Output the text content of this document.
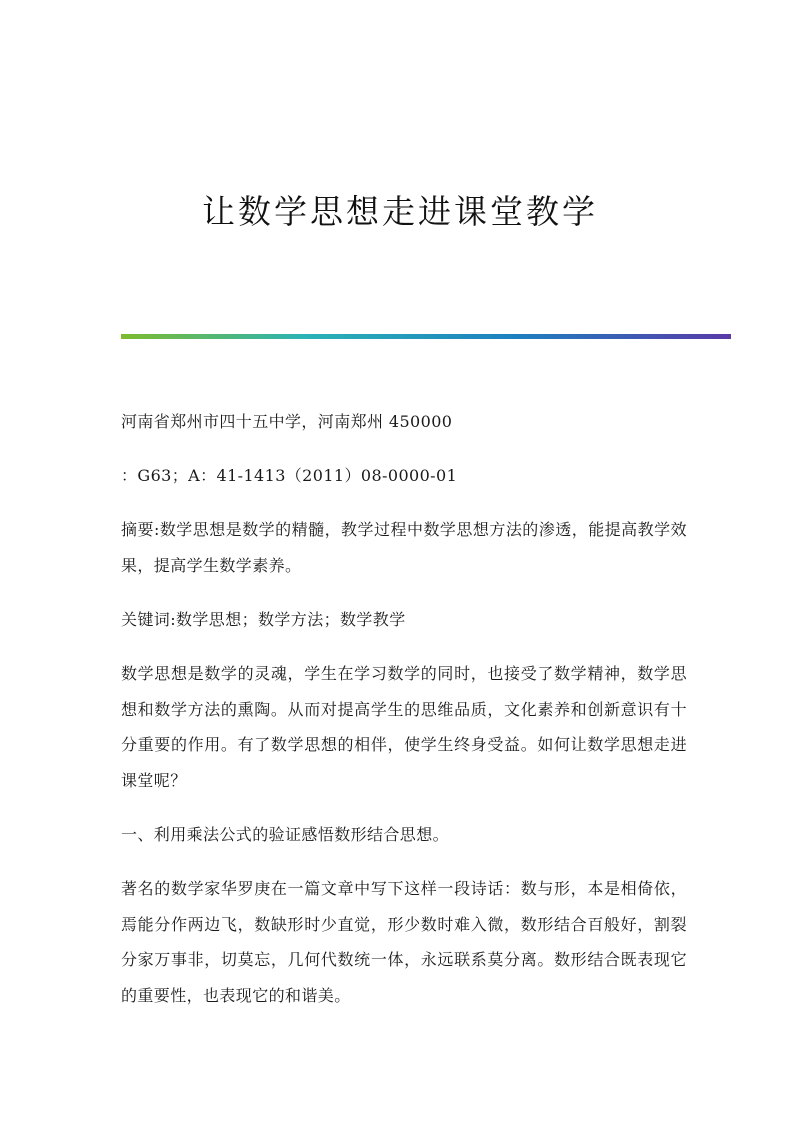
让数学思想走进课堂教学

河南省郑州市四十五中学，河南郑州 450000

：G63；A：41-1413（2011）08-0000-01

摘要:数学思想是数学的精髓，教学过程中数学思想方法的渗透，能提高教学效果，提高学生数学素养。

关键词:数学思想；数学方法；数学教学

数学思想是数学的灵魂，学生在学习数学的同时，也接受了数学精神，数学思想和数学方法的熏陶。从而对提高学生的思维品质，文化素养和创新意识有十分重要的作用。有了数学思想的相伴，使学生终身受益。如何让数学思想走进课堂呢？

一、利用乘法公式的验证感悟数形结合思想。

著名的数学家华罗庚在一篇文章中写下这样一段诗话：数与形，本是相倚依，焉能分作两边飞，数缺形时少直觉，形少数时难入微，数形结合百般好，割裂分家万事非，切莫忘，几何代数统一体，永远联系莫分离。数形结合既表现它的重要性，也表现它的和谐美。
